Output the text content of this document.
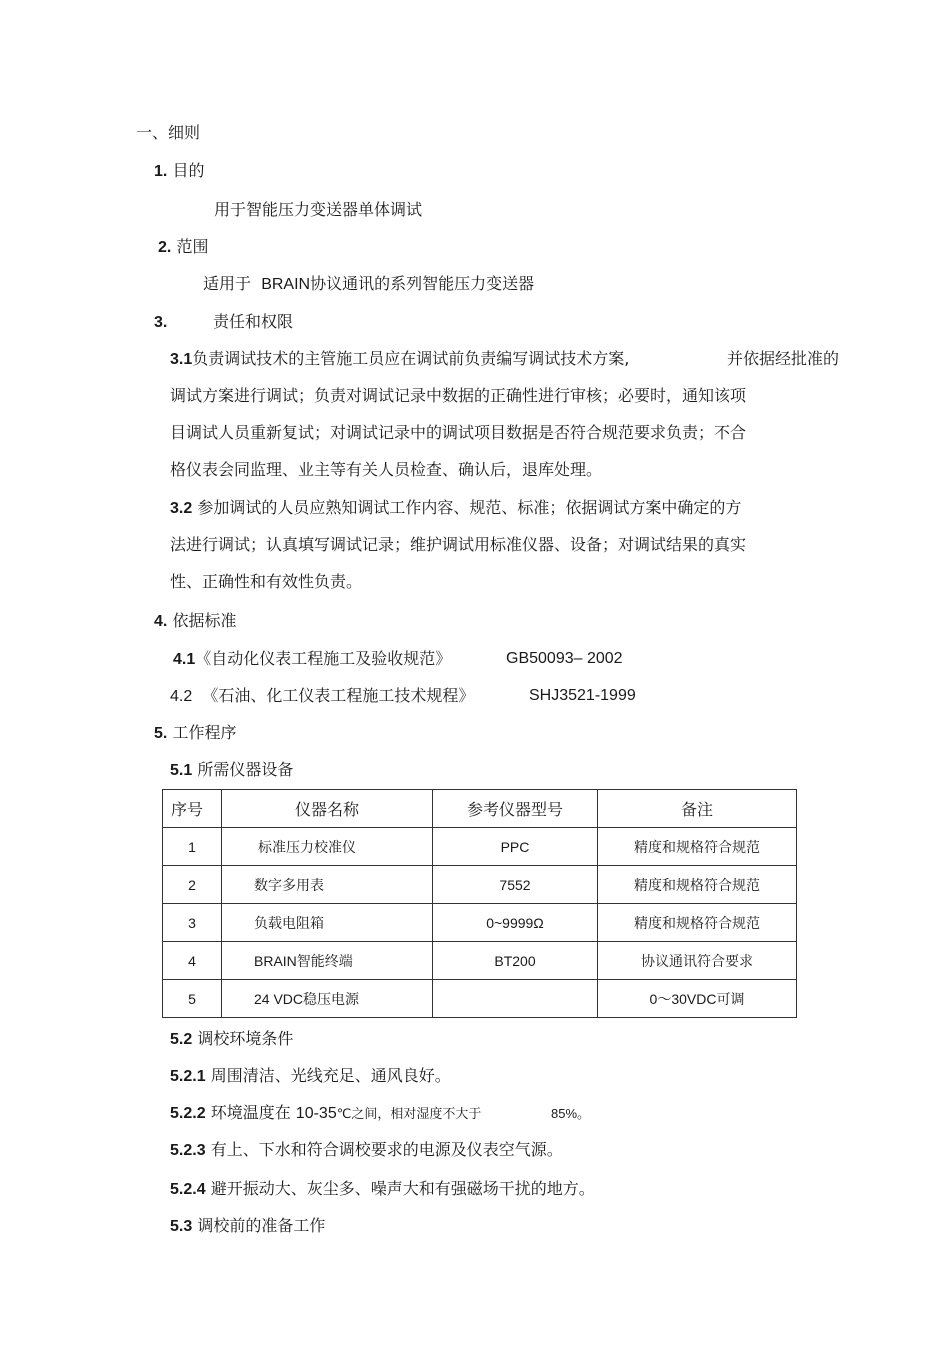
一、细则
1. 目的
用于智能压力变送器单体调试
2. 范围
适用于 BRAIN协议通讯的系列智能压力变送器
3.	责任和权限
3.1负责调试技术的主管施工员应在调试前负责编写调试技术方案,	并依据经批准的
调试方案进行调试；负责对调试记录中数据的正确性进行审核；必要时，通知该项
目调试人员重新复试；对调试记录中的调试项目数据是否符合规范要求负责；不合
格仪表会同监理、业主等有关人员检查、确认后，退库处理。
3.2 参加调试的人员应熟知调试工作内容、规范、标准；依据调试方案中确定的方
法进行调试；认真填写调试记录；维护调试用标准仪器、设备；对调试结果的真实
性、正确性和有效性负责。
4. 依据标准
4.1《自动化仪表工程施工及验收规范》	GB50093– 2002
4.2 《石油、化工仪表工程施工技术规程》	SHJ3521-1999
5. 工作程序
5.1 所需仪器设备
序号	仪器名称	参考仪器型号	备注
1	标准压力校准仪	PPC	精度和规格符合规范
2	数字多用表	7552	精度和规格符合规范
3	负载电阻箱	0~9999Ω	精度和规格符合规范
4	BRAIN智能终端	BT200	协议通讯符合要求
5	24 VDC稳压电源		0～30VDC可调
5.2 调校环境条件
5.2.1 周围清洁、光线充足、通风良好。
5.2.2 环境温度在 10-35℃之间，相对湿度不大于	85%。
5.2.3 有上、下水和符合调校要求的电源及仪表空气源。
5.2.4 避开振动大、灰尘多、噪声大和有强磁场干扰的地方。
5.3 调校前的准备工作
